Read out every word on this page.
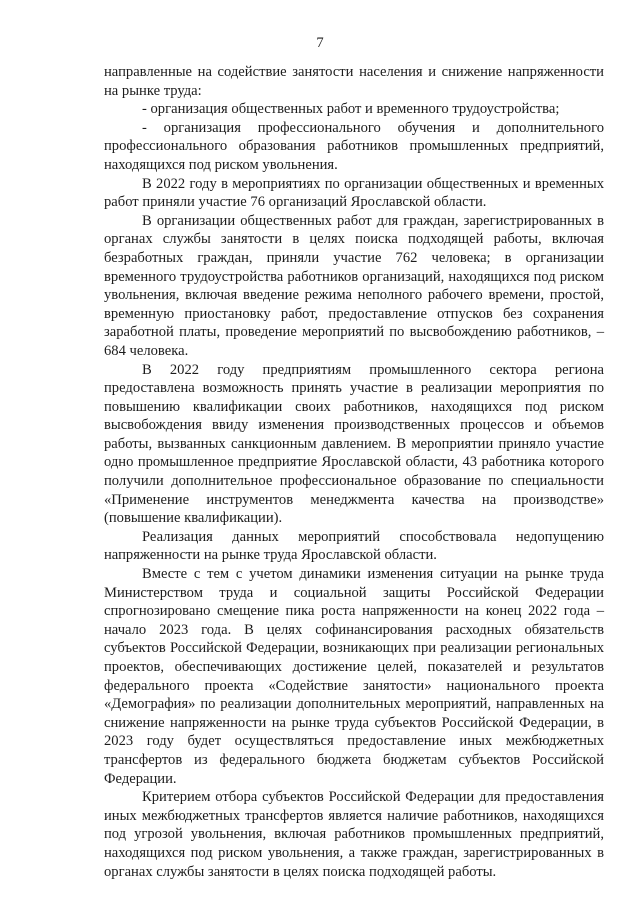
7

направленные на содействие занятости населения и снижение напряженности на рынке труда:

- организация общественных работ и временного трудоустройства;

- организация профессионального обучения и дополнительного профессионального образования работников промышленных предприятий, находящихся под риском увольнения.

В 2022 году в мероприятиях по организации общественных и временных работ приняли участие 76 организаций Ярославской области.

В организации общественных работ для граждан, зарегистрированных в органах службы занятости в целях поиска подходящей работы, включая безработных граждан, приняли участие 762 человека; в организации временного трудоустройства работников организаций, находящихся под риском увольнения, включая введение режима неполного рабочего времени, простой, временную приостановку работ, предоставление отпусков без сохранения заработной платы, проведение мероприятий по высвобождению работников, – 684 человека.

В 2022 году предприятиям промышленного сектора региона предоставлена возможность принять участие в реализации мероприятия по повышению квалификации своих работников, находящихся под риском высвобождения ввиду изменения производственных процессов и объемов работы, вызванных санкционным давлением. В мероприятии приняло участие одно промышленное предприятие Ярославской области, 43 работника которого получили дополнительное профессиональное образование по специальности «Применение инструментов менеджмента качества на производстве» (повышение квалификации).

Реализация данных мероприятий способствовала недопущению напряженности на рынке труда Ярославской области.

Вместе с тем с учетом динамики изменения ситуации на рынке труда Министерством труда и социальной защиты Российской Федерации спрогнозировано смещение пика роста напряженности на конец 2022 года – начало 2023 года. В целях софинансирования расходных обязательств субъектов Российской Федерации, возникающих при реализации региональных проектов, обеспечивающих достижение целей, показателей и результатов федерального проекта «Содействие занятости» национального проекта «Демография» по реализации дополнительных мероприятий, направленных на снижение напряженности на рынке труда субъектов Российской Федерации, в 2023 году будет осуществляться предоставление иных межбюджетных трансфертов из федерального бюджета бюджетам субъектов Российской Федерации.

Критерием отбора субъектов Российской Федерации для предоставления иных межбюджетных трансфертов является наличие работников, находящихся под угрозой увольнения, включая работников промышленных предприятий, находящихся под риском увольнения, а также граждан, зарегистрированных в органах службы занятости в целях поиска подходящей работы.
